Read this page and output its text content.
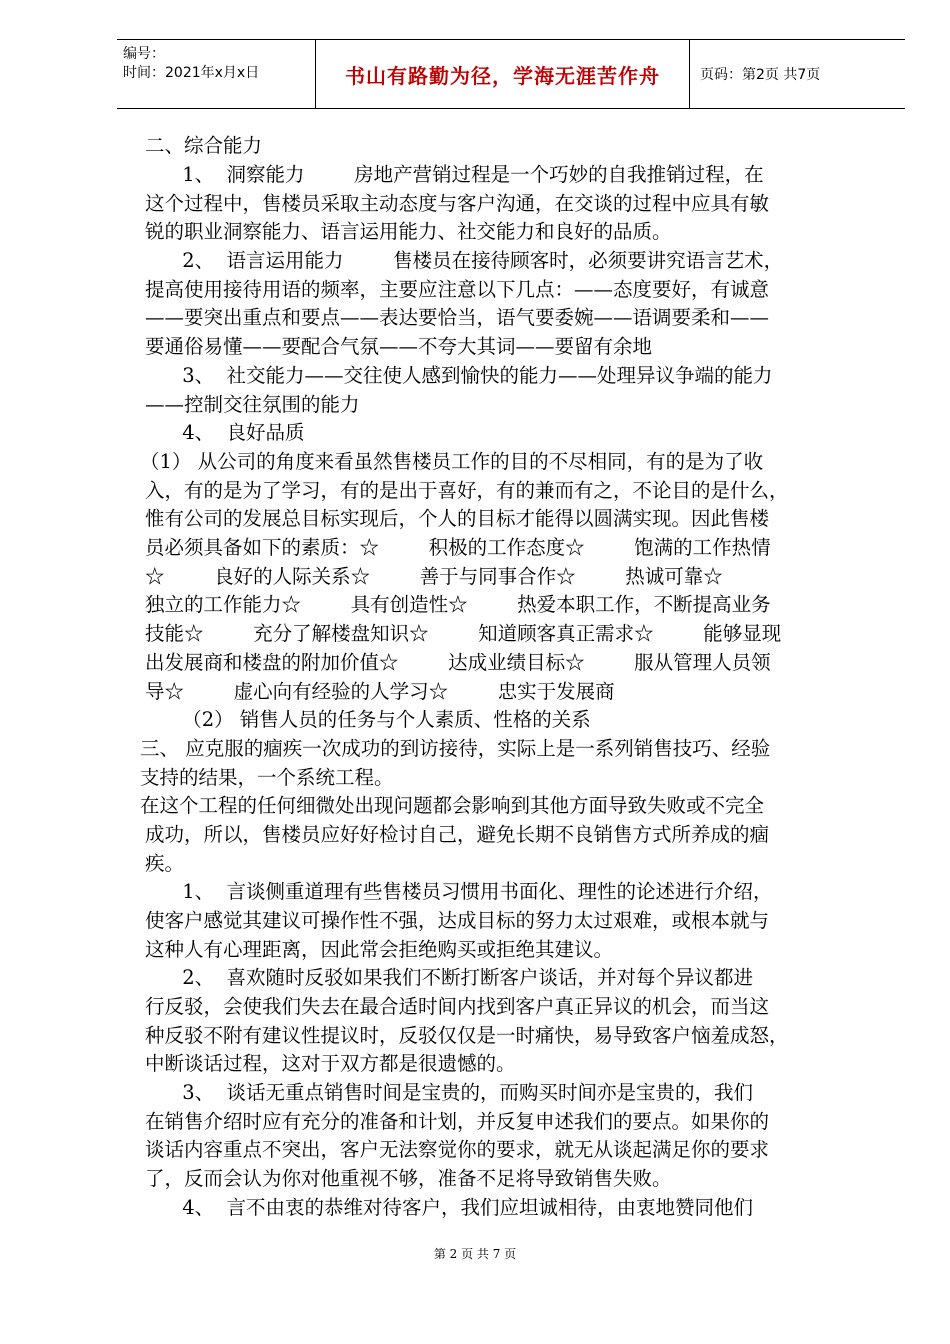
编号：
时间：2021年x月x日	书山有路勤为径，学海无涯苦作舟	页码：第2页 共7页
二、综合能力
1、  洞察能力        房地产营销过程是一个巧妙的自我推销过程，在
这个过程中，售楼员采取主动态度与客户沟通，在交谈的过程中应具有敏
锐的职业洞察能力、语言运用能力、社交能力和良好的品质。
2、  语言运用能力        售楼员在接待顾客时，必须要讲究语言艺术，
提高使用接待用语的频率，主要应注意以下几点：——态度要好，有诚意
——要突出重点和要点——表达要恰当，语气要委婉——语调要柔和——
要通俗易懂——要配合气氛——不夸大其词——要留有余地
3、  社交能力——交往使人感到愉快的能力——处理异议争端的能力
——控制交往氛围的能力
4、  良好品质
（1） 从公司的角度来看虽然售楼员工作的目的不尽相同，有的是为了收
入，有的是为了学习，有的是出于喜好，有的兼而有之，不论目的是什么，
惟有公司的发展总目标实现后，个人的目标才能得以圆满实现。因此售楼
员必须具备如下的素质：☆        积极的工作态度☆        饱满的工作热情
☆        良好的人际关系☆        善于与同事合作☆        热诚可靠☆
独立的工作能力☆        具有创造性☆        热爱本职工作，不断提高业务
技能☆        充分了解楼盘知识☆        知道顾客真正需求☆        能够显现
出发展商和楼盘的附加价值☆        达成业绩目标☆        服从管理人员领
导☆        虚心向有经验的人学习☆        忠实于发展商
（2） 销售人员的任务与个人素质、性格的关系
三、 应克服的痼疾一次成功的到访接待，实际上是一系列销售技巧、经验
支持的结果，一个系统工程。
在这个工程的任何细微处出现问题都会影响到其他方面导致失败或不完全
成功，所以，售楼员应好好检讨自己，避免长期不良销售方式所养成的痼
疾。
1、  言谈侧重道理有些售楼员习惯用书面化、理性的论述进行介绍，
使客户感觉其建议可操作性不强，达成目标的努力太过艰难，或根本就与
这种人有心理距离，因此常会拒绝购买或拒绝其建议。
2、  喜欢随时反驳如果我们不断打断客户谈话，并对每个异议都进
行反驳，会使我们失去在最合适时间内找到客户真正异议的机会，而当这
种反驳不附有建议性提议时，反驳仅仅是一时痛快，易导致客户恼羞成怒，
中断谈话过程，这对于双方都是很遗憾的。
3、  谈话无重点销售时间是宝贵的，而购买时间亦是宝贵的，我们
在销售介绍时应有充分的准备和计划，并反复申述我们的要点。如果你的
谈话内容重点不突出，客户无法察觉你的要求，就无从谈起满足你的要求
了，反而会认为你对他重视不够，准备不足将导致销售失败。
4、  言不由衷的恭维对待客户，我们应坦诚相待，由衷地赞同他们
第 2 页 共 7 页
